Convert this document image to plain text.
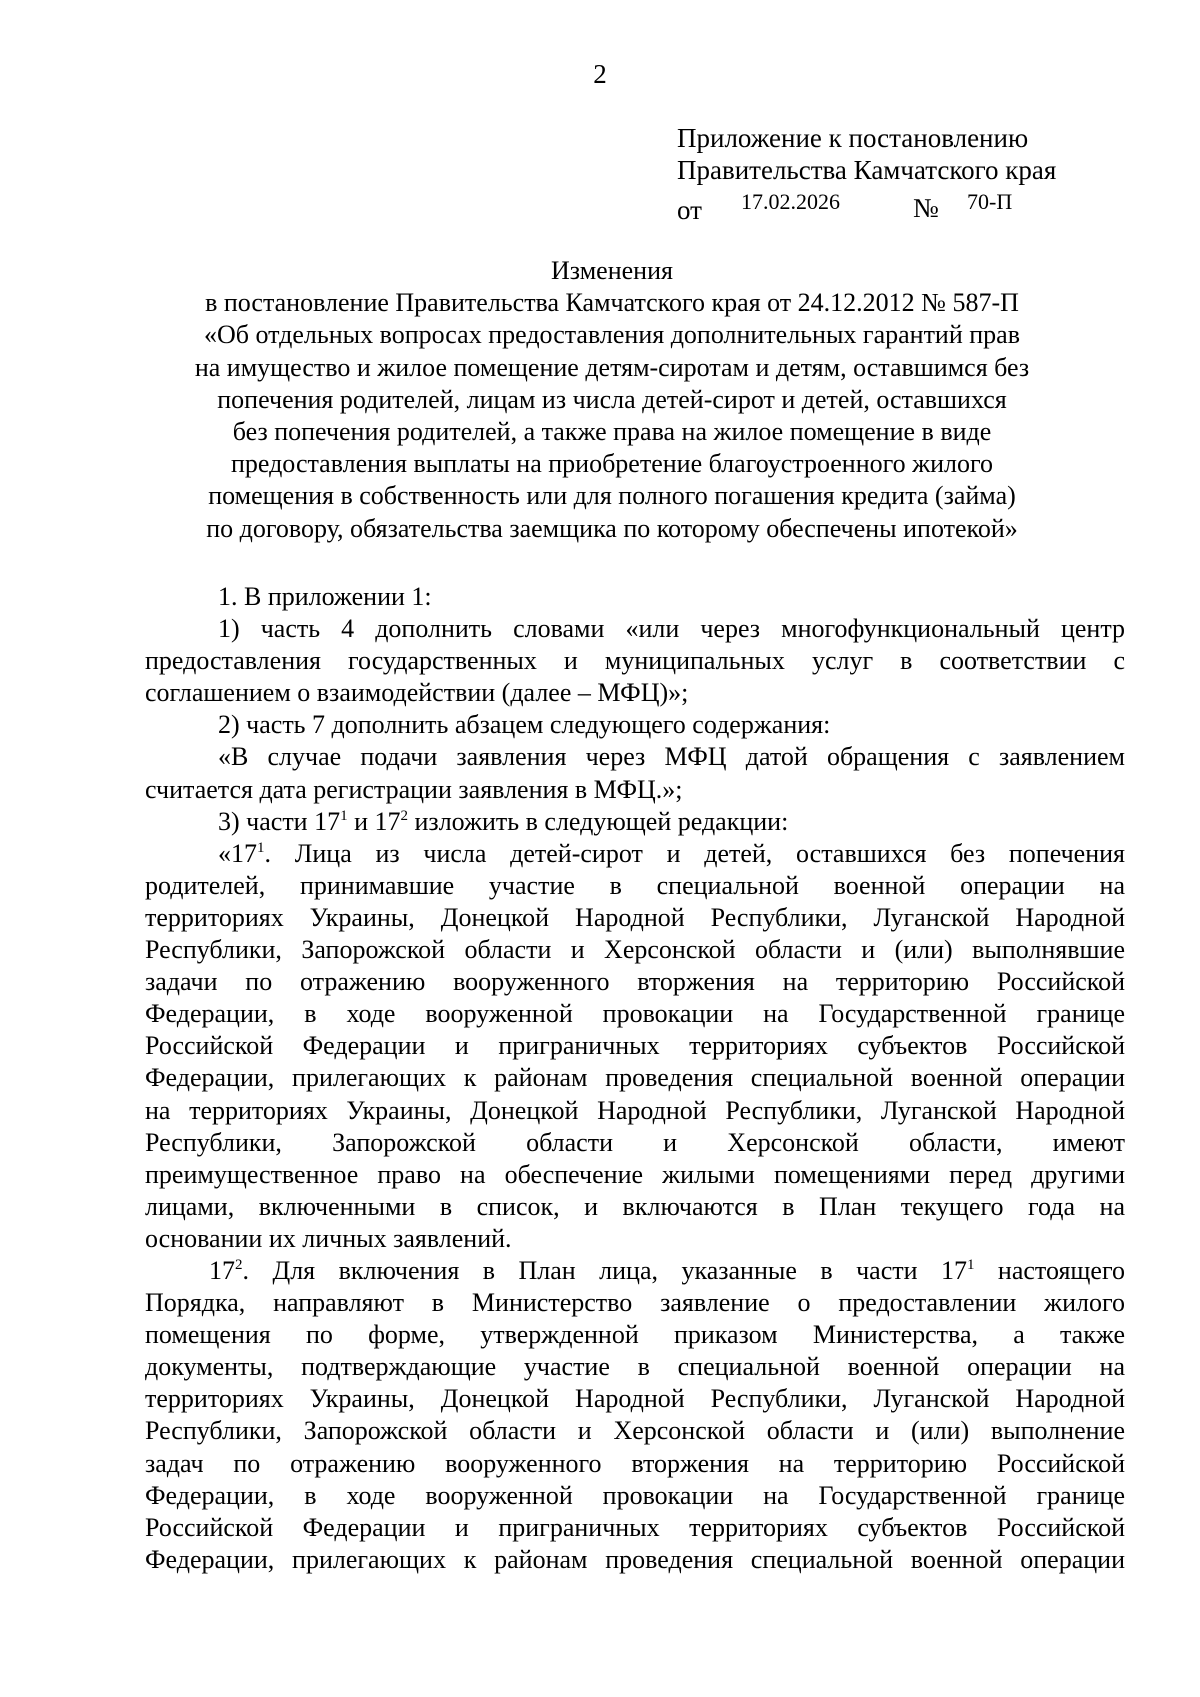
2
Приложение к постановлению
Правительства Камчатского края
от 17.02.2026	№ 70-П
Изменения
в постановление Правительства Камчатского края от 24.12.2012 № 587-П
«Об отдельных вопросах предоставления дополнительных гарантий прав
на имущество и жилое помещение детям-сиротам и детям, оставшимся без
попечения родителей, лицам из числа детей-сирот и детей, оставшихся
без попечения родителей, а также права на жилое помещение в виде
предоставления выплаты на приобретение благоустроенного жилого
помещения в собственность или для полного погашения кредита (займа)
по договору, обязательства заемщика по которому обеспечены ипотекой»
1. В приложении 1:
1) часть 4 дополнить словами «или через многофункциональный центр
предоставления государственных и муниципальных услуг в соответствии с
соглашением о взаимодействии (далее – МФЦ)»;
2) часть 7 дополнить абзацем следующего содержания:
«В случае подачи заявления через МФЦ датой обращения с заявлением
считается дата регистрации заявления в МФЦ.»;
3) части $17^1$ и $17^2$ изложить в следующей редакции:
«$17^1$. Лица из числа детей-сирот и детей, оставшихся без попечения
родителей, принимавшие участие в специальной военной операции на
территориях Украины, Донецкой Народной Республики, Луганской Народной
Республики, Запорожской области и Херсонской области и (или) выполнявшие
задачи по отражению вооруженного вторжения на территорию Российской
Федерации, в ходе вооруженной провокации на Государственной границе
Российской Федерации и приграничных территориях субъектов Российской
Федерации, прилегающих к районам проведения специальной военной операции
на территориях Украины, Донецкой Народной Республики, Луганской Народной
Республики, Запорожской области и Херсонской области, имеют
преимущественное право на обеспечение жилыми помещениями перед другими
лицами, включенными в список, и включаются в План текущего года на
основании их личных заявлений.
$17^2$. Для включения в План лица, указанные в части $17^1$ настоящего
Порядка, направляют в Министерство заявление о предоставлении жилого
помещения по форме, утвержденной приказом Министерства, а также
документы, подтверждающие участие в специальной военной операции на
территориях Украины, Донецкой Народной Республики, Луганской Народной
Республики, Запорожской области и Херсонской области и (или) выполнение
задач по отражению вооруженного вторжения на территорию Российской
Федерации, в ходе вооруженной провокации на Государственной границе
Российской Федерации и приграничных территориях субъектов Российской
Федерации, прилегающих к районам проведения специальной военной операции
